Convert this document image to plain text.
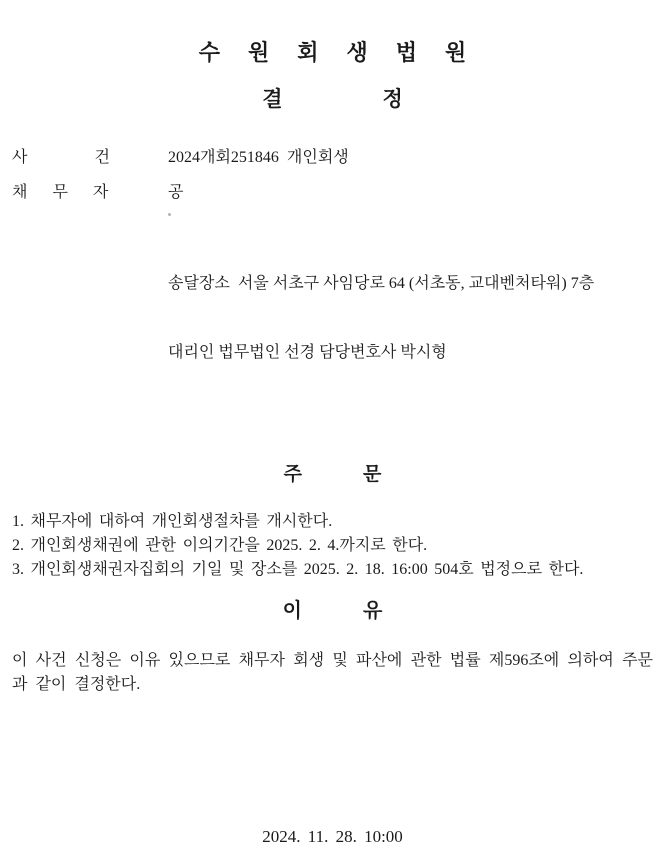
수원회생법원
결정
사건
2024개회251846  개인회생
채무자	공

송달장소  서울 서초구 사임당로 64 (서초동, 교대벤처타워) 7층

대리인 법무법인 선경 담당변호사 박시형

주문
1. 채무자에 대하여 개인회생절차를 개시한다.
2. 개인회생채권에 관한 이의기간을 2025. 2. 4.까지로 한다.
3. 개인회생채권자집회의 기일 및 장소를 2025. 2. 18. 16:00 504호 법정으로 한다.
이유
이 사건 신청은 이유 있으므로 채무자 회생 및 파산에 관한 법률 제596조에 의하여 주문과 같이 결정한다.
2024. 11. 28. 10:00
